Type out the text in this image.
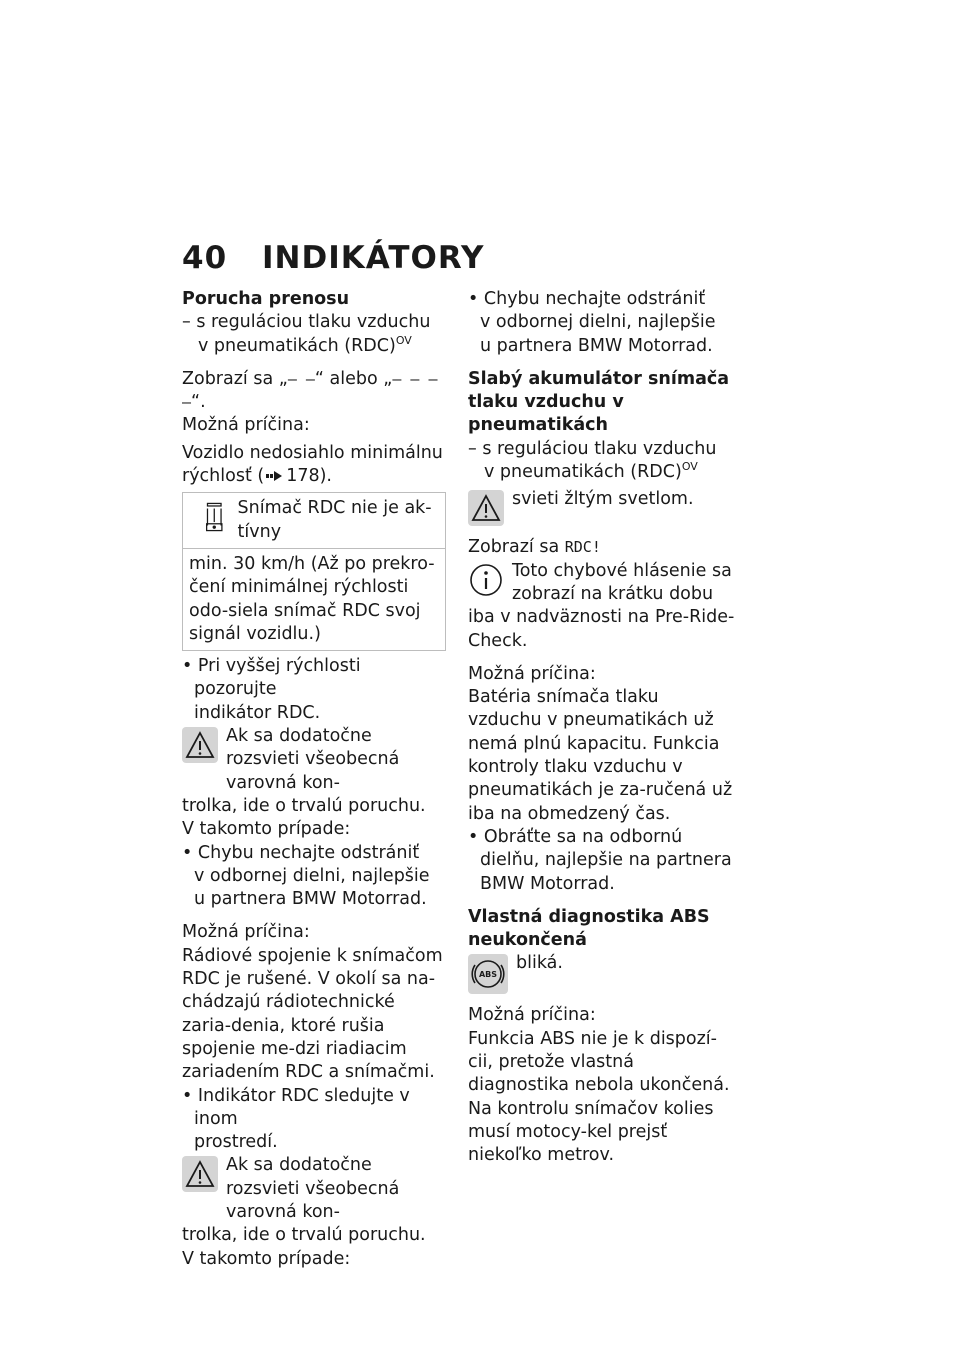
40 INDIKÁTORY

Porucha prenosu

– s reguláciou tlaku vzduchu

v pneumatikách (RDC)$^{OV}$

Zobrazí sa „– –“ alebo „– – – –“.

Možná príčina:

Vozidlo nedosiahlo minimálnu

rýchlosť ( 178).

Snímač RDC nie je ak-tívny
min. 30 km/h (Až po prekro-čení minimálnej rýchlosti odo-siela snímač RDC svoj signál vozidlu.)

• Pri vyššej rýchlosti pozorujte

indikátor RDC.

Ak sa dodatočne rozsvieti všeobecná varovná kon-

trolka, ide o trvalú poruchu.

V takomto prípade:

• Chybu nechajte odstrániť

v odbornej dielni, najlepšie

u partnera BMW Motorrad.

Možná príčina:

Rádiové spojenie k snímačom RDC je rušené. V okolí sa na-chádzajú rádiotechnické zaria-denia, ktoré rušia spojenie me-dzi riadiacim zariadením RDC a snímačmi.

• Indikátor RDC sledujte v inom

prostredí.

Ak sa dodatočne rozsvieti všeobecná varovná kon-

trolka, ide o trvalú poruchu.

V takomto prípade:

• Chybu nechajte odstrániť

v odbornej dielni, najlepšie

u partnera BMW Motorrad.

Slabý akumulátor snímača tlaku vzduchu v pneumatikách

– s reguláciou tlaku vzduchu

v pneumatikách (RDC)$^{OV}$

svieti žltým svetlom.

Zobrazí sa RDC!

Toto chybové hlásenie sa zobrazí na krátku dobu

iba v nadväznosti na Pre-Ride-Check.

Možná príčina:

Batéria snímača tlaku vzduchu v pneumatikách už nemá plnú kapacitu. Funkcia kontroly tlaku vzduchu v pneumatikách je za-ručená už iba na obmedzený čas.

• Obráťte sa na odbornú

dielňu, najlepšie na partnera

BMW Motorrad.

Vlastná diagnostika ABS neukončená

ABS
bliká.

Možná príčina:

Funkcia ABS nie je k dispozí-cii, pretože vlastná diagnostika nebola ukončená. Na kontrolu snímačov kolies musí motocy-kel prejsť niekoľko metrov.
